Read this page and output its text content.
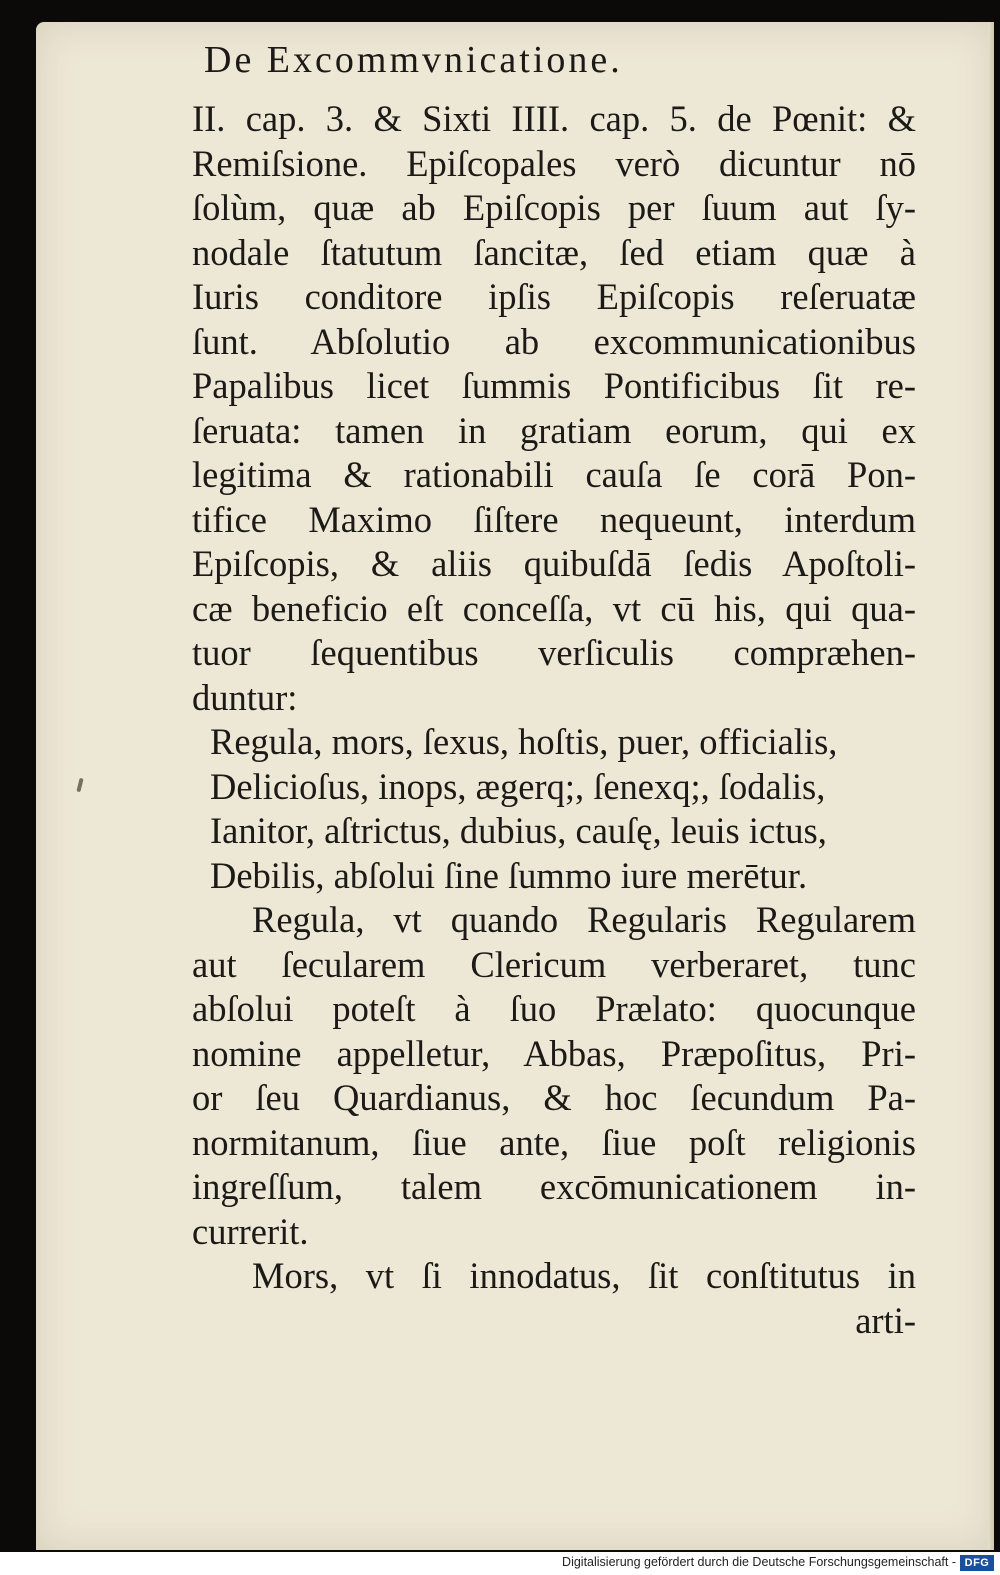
De Excommvnicatione.
II. cap. 3. & Sixti IIII. cap. 5. de Pœnit: &
Remiſsione. Epiſcopales verò dicuntur nō
ſolùm, quæ ab Epiſcopis per ſuum aut ſy-
nodale ſtatutum ſancitæ, ſed etiam quæ à
Iuris conditore ipſis Epiſcopis reſeruatæ
ſunt. Abſolutio ab excommunicationibus
Papalibus licet ſummis Pontificibus ſit re-
ſeruata: tamen in gratiam eorum, qui ex
legitima & rationabili cauſa ſe corā Pon-
tifice Maximo ſiſtere nequeunt, interdum
Epiſcopis, & aliis quibuſdā ſedis Apoſtoli-
cæ beneficio eſt conceſſa, vt cū his, qui qua-
tuor ſequentibus verſiculis compræhen-
duntur:
Regula, mors, ſexus, hoſtis, puer, officialis,
Delicioſus, inops, ægerq;, ſenexq;, ſodalis,
Ianitor, aſtrictus, dubius, cauſę, leuis ictus,
Debilis, abſolui ſine ſummo iure merētur.
Regula, vt quando Regularis Regularem
aut ſecularem Clericum verberaret, tunc
abſolui poteſt à ſuo Prælato: quocunque
nomine appelletur, Abbas, Præpoſitus, Pri-
or ſeu Quardianus, & hoc ſecundum Pa-
normitanum, ſiue ante, ſiue poſt religionis
ingreſſum, talem excōmunicationem in-
currerit.
Mors, vt ſi innodatus, ſit conſtitutus in
arti-
Digitalisierung gefördert durch die Deutsche Forschungsgemeinschaft - DFG
